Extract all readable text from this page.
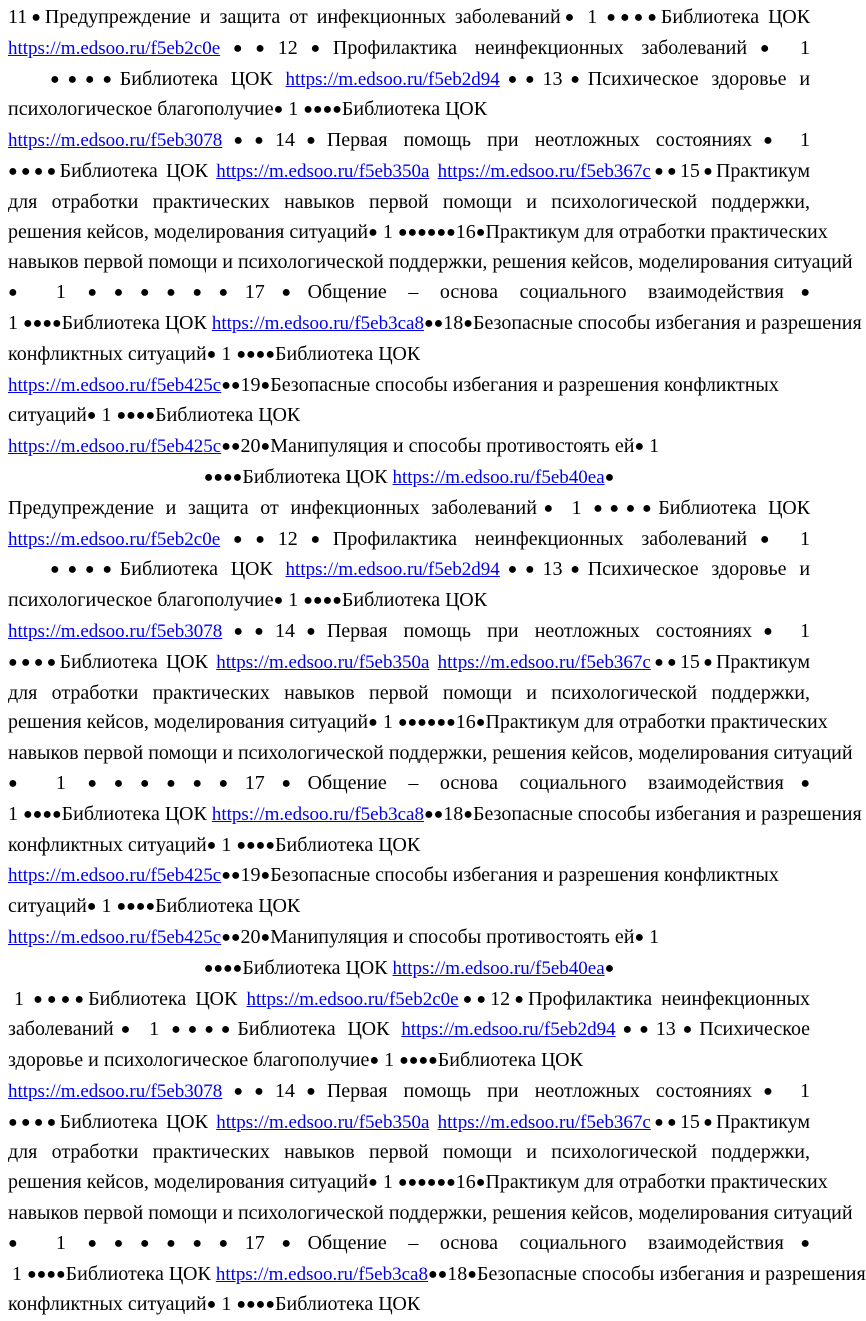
11●Предупреждение и защита от инфекционных заболеваний● 1 ●●●●Библиотека ЦОК
https://m.edsoo.ru/f5eb2c0e●●12●Профилактика неинфекционных заболеваний● 1
●●●●Библиотека ЦОК https://m.edsoo.ru/f5eb2d94●●13●Психическое здоровье и
психологическое благополучие● 1 ●●●●Библиотека ЦОК
https://m.edsoo.ru/f5eb3078●●14●Первая помощь при неотложных состояниях● 1
●●●●Библиотека ЦОК https://m.edsoo.ru/f5eb350a https://m.edsoo.ru/f5eb367c●●15●Практикум
для отработки практических навыков первой помощи и психологической поддержки,
решения кейсов, моделирования ситуаций● 1 ●●●●●●16●Практикум для отработки практических
навыков первой помощи и психологической поддержки, решения кейсов, моделирования ситуаций
● 1 ●●●●●●17●Общение – основа социального взаимодействия●
1 ●●●●Библиотека ЦОК https://m.edsoo.ru/f5eb3ca8●●18●Безопасные способы избегания и разрешения
конфликтных ситуаций● 1 ●●●●Библиотека ЦОК
https://m.edsoo.ru/f5eb425c●●19●Безопасные способы избегания и разрешения конфликтных
ситуаций● 1 ●●●●Библиотека ЦОК
https://m.edsoo.ru/f5eb425c●●20●Манипуляция и способы противостоять ей● 1
●●●●Библиотека ЦОК https://m.edsoo.ru/f5eb40ea●
Предупреждение и защита от инфекционных заболеваний● 1 ●●●●Библиотека ЦОК
https://m.edsoo.ru/f5eb2c0e●●12●Профилактика неинфекционных заболеваний● 1
●●●●Библиотека ЦОК https://m.edsoo.ru/f5eb2d94●●13●Психическое здоровье и
психологическое благополучие● 1 ●●●●Библиотека ЦОК
https://m.edsoo.ru/f5eb3078●●14●Первая помощь при неотложных состояниях● 1
●●●●Библиотека ЦОК https://m.edsoo.ru/f5eb350a https://m.edsoo.ru/f5eb367c●●15●Практикум
для отработки практических навыков первой помощи и психологической поддержки,
решения кейсов, моделирования ситуаций● 1 ●●●●●●16●Практикум для отработки практических
навыков первой помощи и психологической поддержки, решения кейсов, моделирования ситуаций
● 1 ●●●●●●17●Общение – основа социального взаимодействия●
1 ●●●●Библиотека ЦОК https://m.edsoo.ru/f5eb3ca8●●18●Безопасные способы избегания и разрешения
конфликтных ситуаций● 1 ●●●●Библиотека ЦОК
https://m.edsoo.ru/f5eb425c●●19●Безопасные способы избегания и разрешения конфликтных
ситуаций● 1 ●●●●Библиотека ЦОК
https://m.edsoo.ru/f5eb425c●●20●Манипуляция и способы противостоять ей● 1
●●●●Библиотека ЦОК https://m.edsoo.ru/f5eb40ea●
1 ●●●●Библиотека ЦОК https://m.edsoo.ru/f5eb2c0e●●12●Профилактика неинфекционных
заболеваний● 1 ●●●●Библиотека ЦОК https://m.edsoo.ru/f5eb2d94●●13●Психическое
здоровье и психологическое благополучие● 1 ●●●●Библиотека ЦОК
https://m.edsoo.ru/f5eb3078●●14●Первая помощь при неотложных состояниях● 1
●●●●Библиотека ЦОК https://m.edsoo.ru/f5eb350a https://m.edsoo.ru/f5eb367c●●15●Практикум
для отработки практических навыков первой помощи и психологической поддержки,
решения кейсов, моделирования ситуаций● 1 ●●●●●●16●Практикум для отработки практических
навыков первой помощи и психологической поддержки, решения кейсов, моделирования ситуаций
● 1 ●●●●●●17●Общение – основа социального взаимодействия●
1 ●●●●Библиотека ЦОК https://m.edsoo.ru/f5eb3ca8●●18●Безопасные способы избегания и разрешения
конфликтных ситуаций● 1 ●●●●Библиотека ЦОК
